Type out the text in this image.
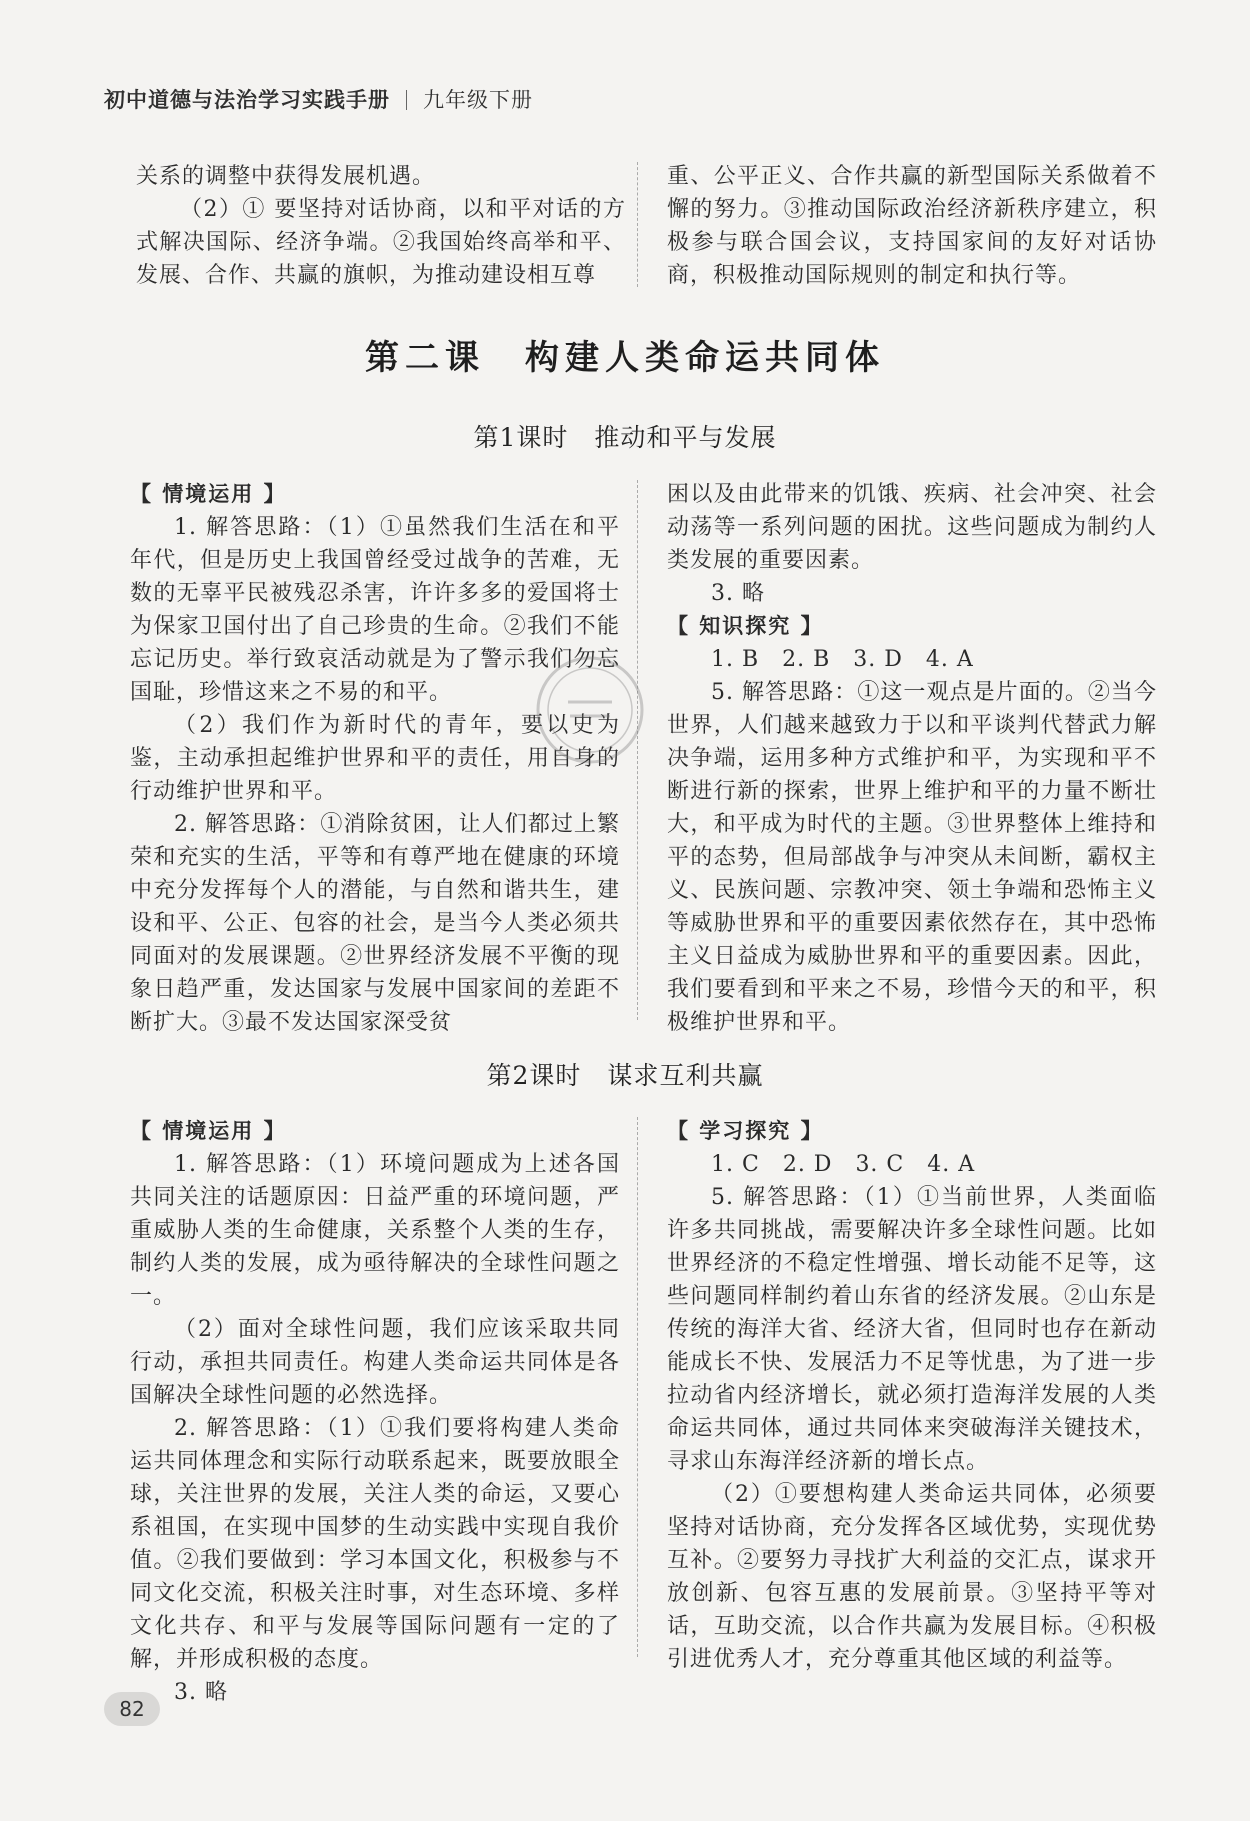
初中道德与法治学习实践手册 九年级下册

关系的调整中获得发展机遇。

（2）① 要坚持对话协商，以和平对话的方式解决国际、经济争端。②我国始终高举和平、发展、合作、共赢的旗帜，为推动建设相互尊

重、公平正义、合作共赢的新型国际关系做着不懈的努力。③推动国际政治经济新秩序建立，积极参与联合国会议，支持国家间的友好对话协商，积极推动国际规则的制定和执行等。

第二课　构建人类命运共同体
第1课时　推动和平与发展

【 情境运用 】

1. 解答思路：（1）①虽然我们生活在和平年代，但是历史上我国曾经受过战争的苦难，无数的无辜平民被残忍杀害，许许多多的爱国将士为保家卫国付出了自己珍贵的生命。②我们不能忘记历史。举行致哀活动就是为了警示我们勿忘国耻，珍惜这来之不易的和平。

（2）我们作为新时代的青年，要以史为鉴，主动承担起维护世界和平的责任，用自身的行动维护世界和平。

2. 解答思路：①消除贫困，让人们都过上繁荣和充实的生活，平等和有尊严地在健康的环境中充分发挥每个人的潜能，与自然和谐共生，建设和平、公正、包容的社会，是当今人类必须共同面对的发展课题。②世界经济发展不平衡的现象日趋严重，发达国家与发展中国家间的差距不断扩大。③最不发达国家深受贫

困以及由此带来的饥饿、疾病、社会冲突、社会动荡等一系列问题的困扰。这些问题成为制约人类发展的重要因素。

3. 略

【 知识探究 】

1. B　2. B　3. D　4. A

5. 解答思路：①这一观点是片面的。②当今世界，人们越来越致力于以和平谈判代替武力解决争端，运用多种方式维护和平，为实现和平不断进行新的探索，世界上维护和平的力量不断壮大，和平成为时代的主题。③世界整体上维持和平的态势，但局部战争与冲突从未间断，霸权主义、民族问题、宗教冲突、领土争端和恐怖主义等威胁世界和平的重要因素依然存在，其中恐怖主义日益成为威胁世界和平的重要因素。因此，我们要看到和平来之不易，珍惜今天的和平，积极维护世界和平。

第2课时　谋求互利共赢

【 情境运用 】

1. 解答思路：（1）环境问题成为上述各国共同关注的话题原因：日益严重的环境问题，严重威胁人类的生命健康，关系整个人类的生存，制约人类的发展，成为亟待解决的全球性问题之一。

（2）面对全球性问题，我们应该采取共同行动，承担共同责任。构建人类命运共同体是各国解决全球性问题的必然选择。

2. 解答思路：（1）①我们要将构建人类命运共同体理念和实际行动联系起来，既要放眼全球，关注世界的发展，关注人类的命运，又要心系祖国，在实现中国梦的生动实践中实现自我价值。②我们要做到：学习本国文化，积极参与不同文化交流，积极关注时事，对生态环境、多样文化共存、和平与发展等国际问题有一定的了解，并形成积极的态度。

3. 略

【 学习探究 】

1. C　2. D　3. C　4. A

5. 解答思路：（1）①当前世界，人类面临许多共同挑战，需要解决许多全球性问题。比如世界经济的不稳定性增强、增长动能不足等，这些问题同样制约着山东省的经济发展。②山东是传统的海洋大省、经济大省，但同时也存在新动能成长不快、发展活力不足等忧患，为了进一步拉动省内经济增长，就必须打造海洋发展的人类命运共同体，通过共同体来突破海洋关键技术，寻求山东海洋经济新的增长点。

（2）①要想构建人类命运共同体，必须要坚持对话协商，充分发挥各区域优势，实现优势互补。②要努力寻找扩大利益的交汇点，谋求开放创新、包容互惠的发展前景。③坚持平等对话，互助交流，以合作共赢为发展目标。④积极引进优秀人才，充分尊重其他区域的利益等。

82
